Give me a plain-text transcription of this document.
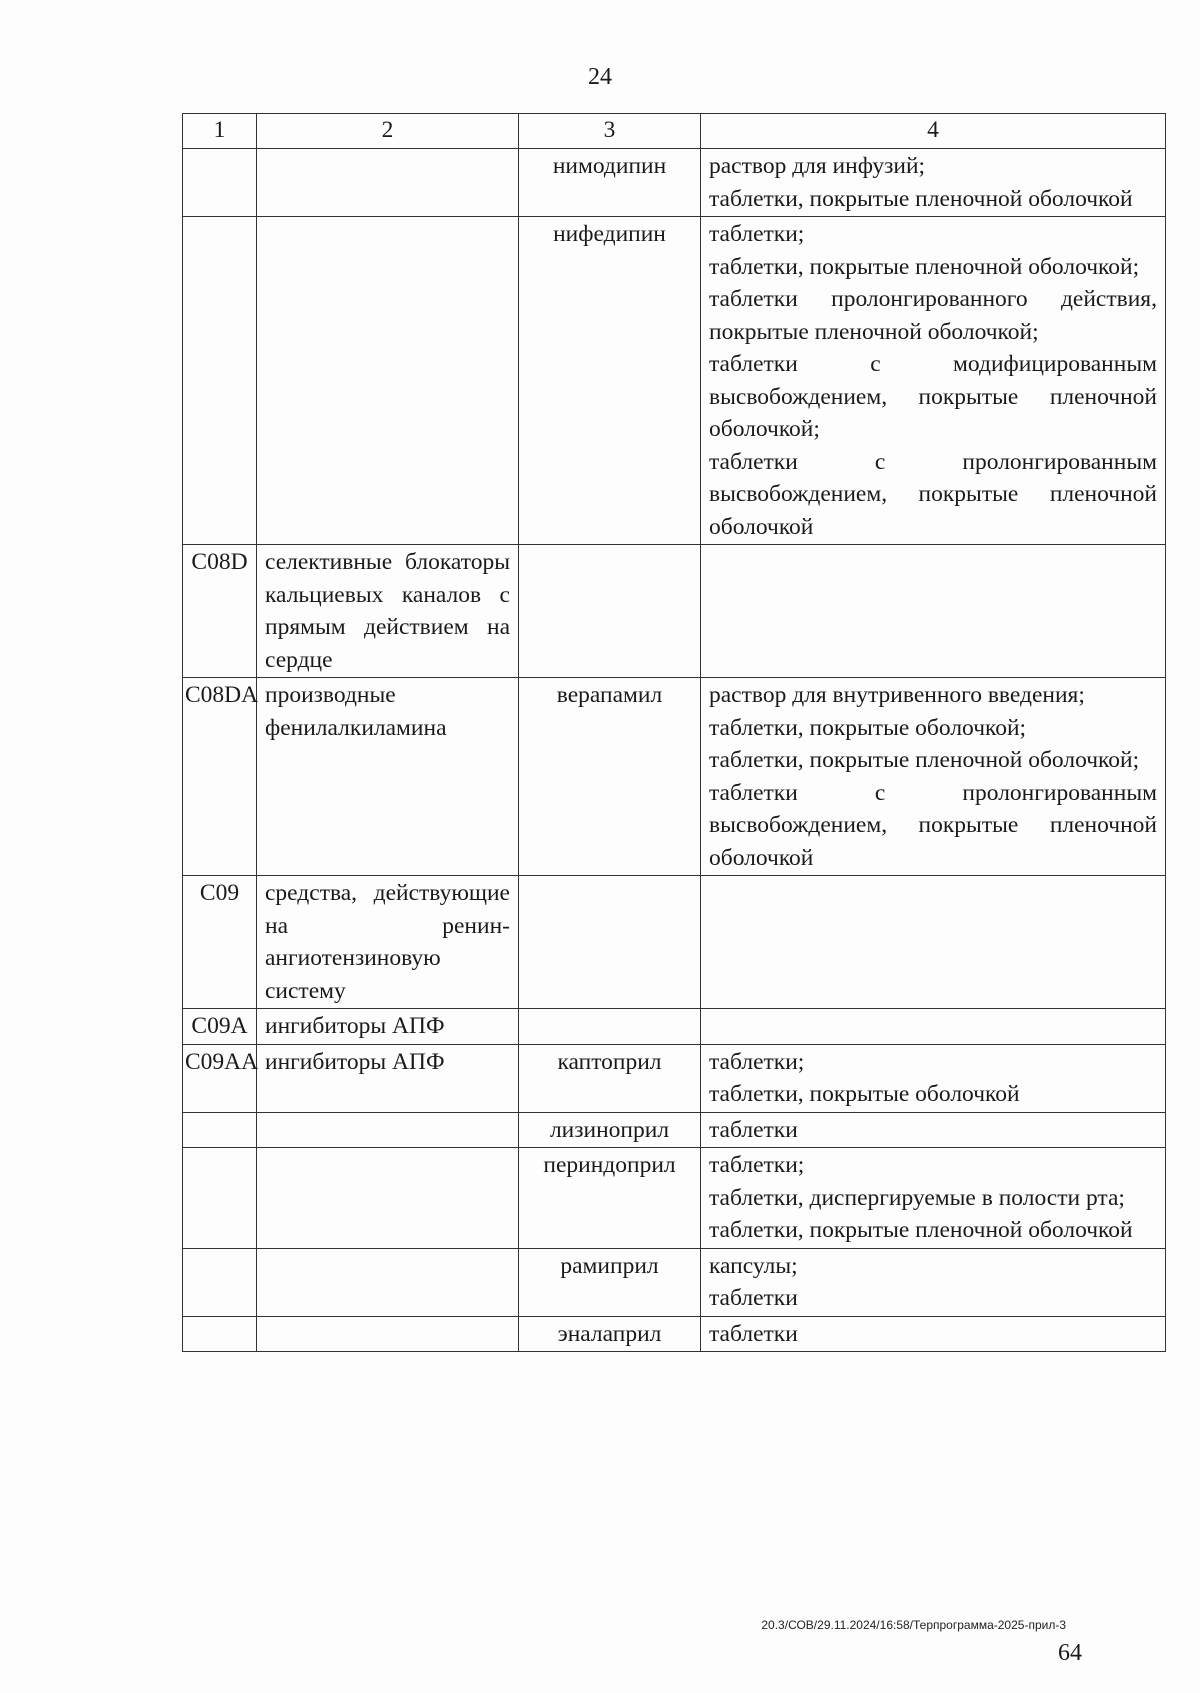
24
1	2	3	4
		нимодипин	раствор для инфузий;
таблетки, покрытые пленочной оболочкой

		нифедипин	таблетки;
таблетки, покрытые пленочной оболочкой;
таблетки пролонгированного действия, покрытые пленочной оболочкой;
таблетки с модифицированным высвобождением, покрытые пленочной оболочкой;
таблетки с пролонгированным высвобождением, покрытые пленочной оболочкой

C08D	селективные блокаторы кальциевых каналов с прямым действием на сердце		

C08DA	производные фенилалкиламина	верапамил	раствор для внутривенного введения;
таблетки, покрытые оболочкой;
таблетки, покрытые пленочной оболочкой;
таблетки с пролонгированным высвобождением, покрытые пленочной оболочкой

C09	средства, действующие на ренин-ангиотензиновую систему		

C09A	ингибиторы АПФ		

C09AA	ингибиторы АПФ	каптоприл	таблетки;
таблетки, покрытые оболочкой

		лизиноприл	таблетки

		периндоприл	таблетки;
таблетки, диспергируемые в полости рта;
таблетки, покрытые пленочной оболочкой

		рамиприл	капсулы;
таблетки

		эналаприл	таблетки
20.3/СОВ/29.11.2024/16:58/Терпрограмма-2025-прил-3
64
